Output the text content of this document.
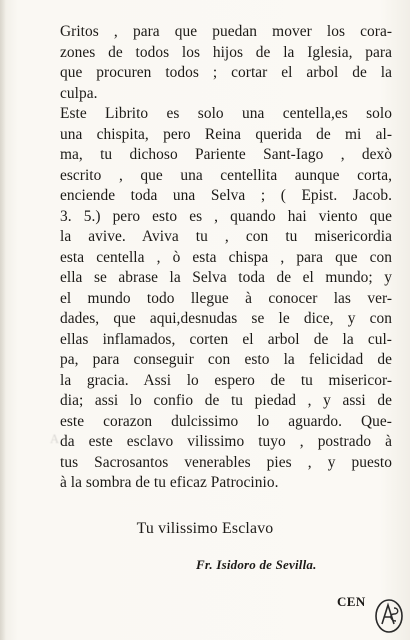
A

Gritos , para que puedan mover los cora-
zones de todos los hijos de la Iglesia, para
que procuren todos ; cortar el arbol de la
culpa.
Este Librito es solo una centella,es solo
una chispita, pero Reina querida de mi al-
ma, tu dichoso Pariente Sant-Iago , dexò
escrito , que una centellita aunque corta,
enciende toda una Selva ; ( Epist. Jacob.
3. 5.) pero esto es , quando hai viento que
la avive. Aviva tu , con tu misericordia
esta centella , ò esta chispa , para que con
ella se abrase la Selva toda de el mundo; y
el mundo todo llegue à conocer las ver-
dades, que aqui,desnudas se le dice, y con
ellas inflamados, corten el arbol de la cul-
pa, para conseguir con esto la felicidad de
la gracia. Assi lo espero de tu misericor-
dia; assi lo confio de tu piedad , y assi de
este corazon dulcissimo lo aguardo. Que-
da este esclavo vilissimo tuyo , postrado à
tus Sacrosantos venerables pies , y puesto
à la sombra de tu eficaz Patrocinio.
Tu vilissimo Esclavo
Fr. Isidoro de Sevilla.
CEN
